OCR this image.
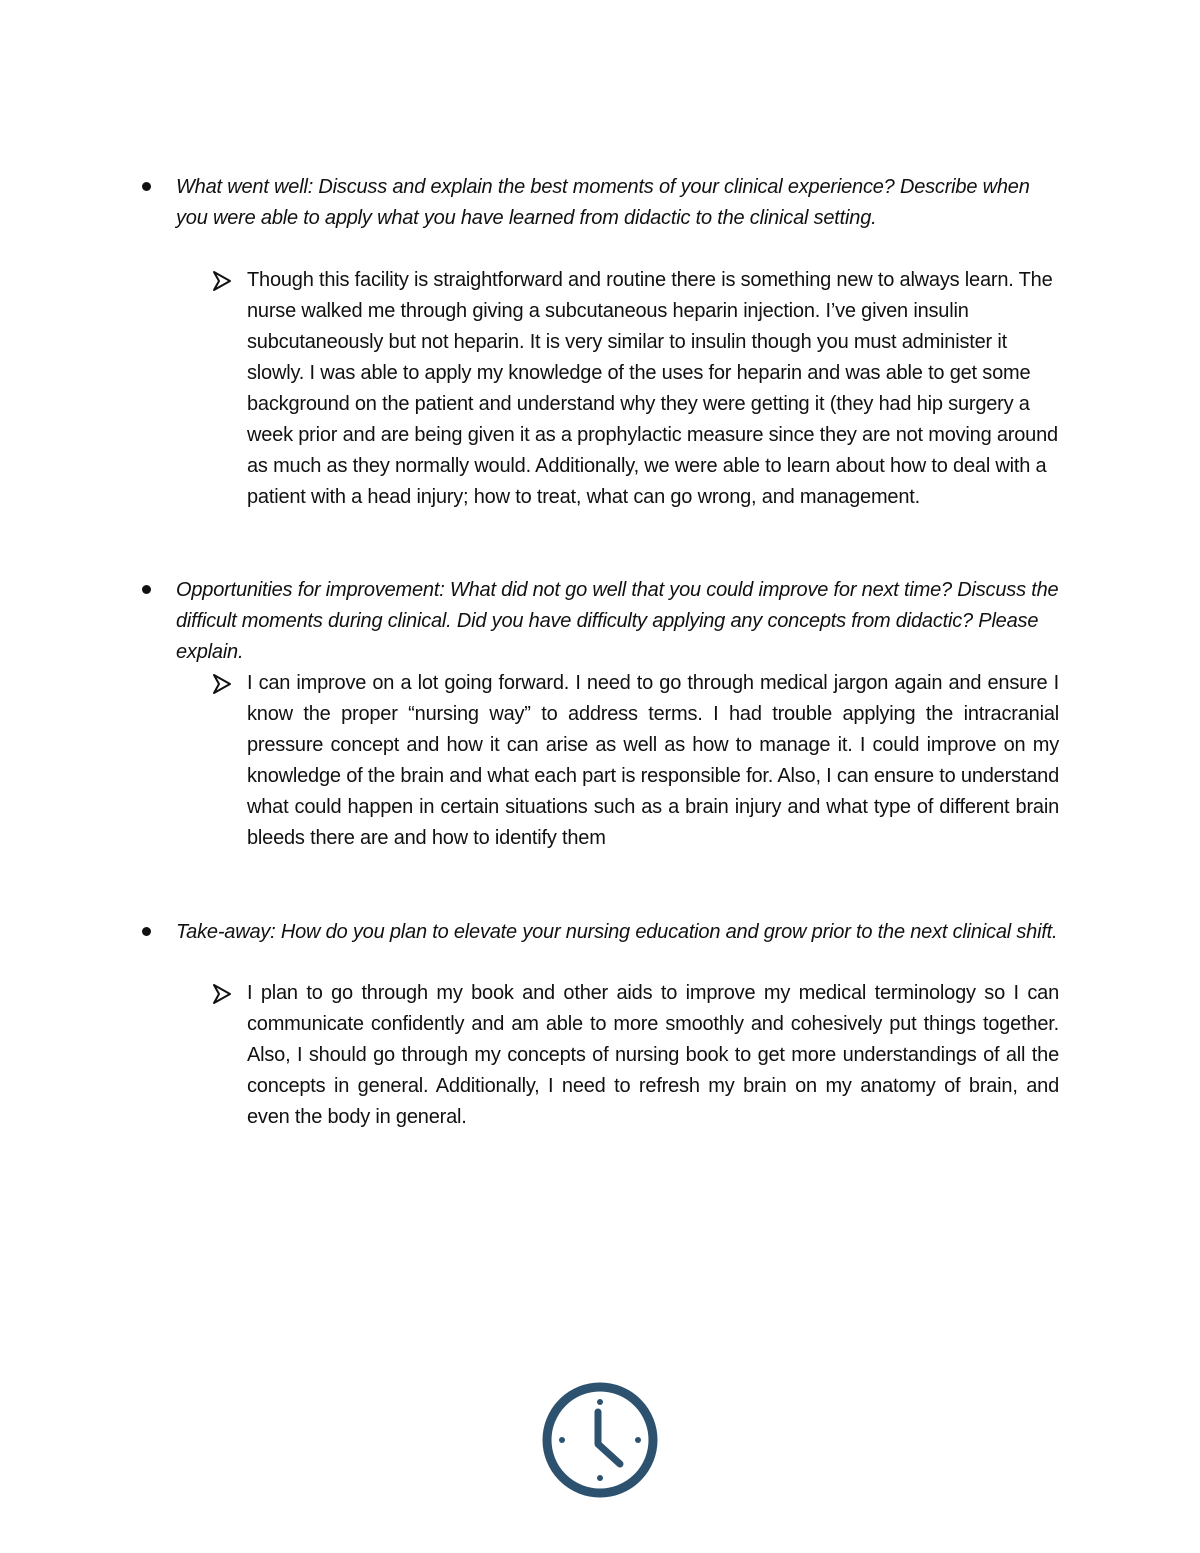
What went well: Discuss and explain the best moments of your clinical experience? Describe when you were able to apply what you have learned from didactic to the clinical setting.
Though this facility is straightforward and routine there is something new to always learn. The nurse walked me through giving a subcutaneous heparin injection. I’ve given insulin subcutaneously but not heparin. It is very similar to insulin though you must administer it slowly. I was able to apply my knowledge of the uses for heparin and was able to get some background on the patient and understand why they were getting it (they had hip surgery a week prior and are being given it as a prophylactic measure since they are not moving around as much as they normally would. Additionally, we were able to learn about how to deal with a patient with a head injury; how to treat, what can go wrong, and management.
Opportunities for improvement: What did not go well that you could improve for next time? Discuss the difficult moments during clinical. Did you have difficulty applying any concepts from didactic? Please explain.
I can improve on a lot going forward. I need to go through medical jargon again and ensure I know the proper “nursing way” to address terms. I had trouble applying the intracranial pressure concept and how it can arise as well as how to manage it. I could improve on my knowledge of the brain and what each part is responsible for. Also, I can ensure to understand what could happen in certain situations such as a brain injury and what type of different brain bleeds there are and how to identify them
Take-away: How do you plan to elevate your nursing education and grow prior to the next clinical shift.
I plan to go through my book and other aids to improve my medical terminology so I can communicate confidently and am able to more smoothly and cohesively put things together. Also, I should go through my concepts of nursing book to get more understandings of all the concepts in general. Additionally, I need to refresh my brain on my anatomy of brain, and even the body in general.
